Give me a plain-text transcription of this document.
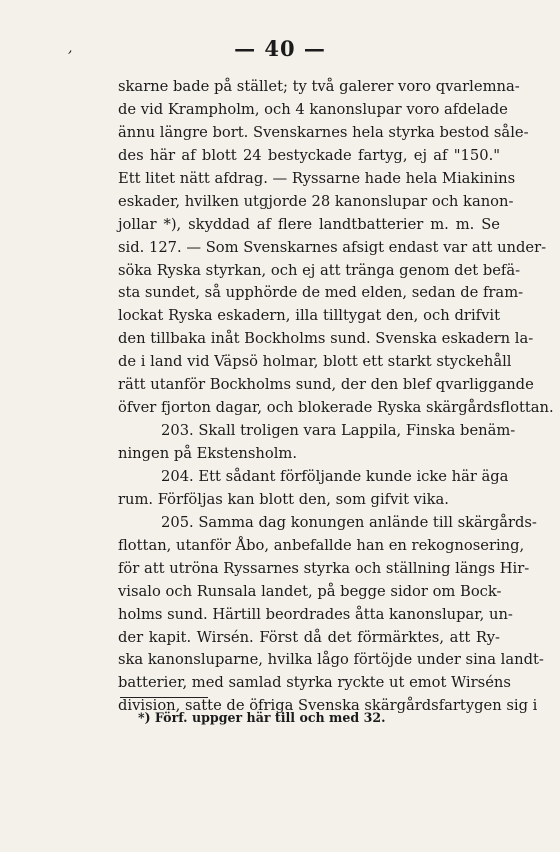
,	— 40 —
skarne bade på stället; ty två galerer voro qvarlemna-
de vid Krampholm, och 4 kanonslupar voro afdelade
ännu längre bort. Svenskarnes hela styrka bestod såle-
des här af blott 24 bestyckade fartyg, ej af "150."
Ett litet nätt afdrag. — Ryssarne hade hela Miakinins
eskader, hvilken utgjorde 28 kanonslupar och kanon-
jollar *), skyddad af flere landtbatterier m. m. Se
sid. 127. — Som Svenskarnes afsigt endast var att under-
söka Ryska styrkan, och ej att tränga genom det befä-
sta sundet, så upphörde de med elden, sedan de fram-
lockat Ryska eskadern, illa tilltygat den, och drifvit
den tillbaka inåt Bockholms sund. Svenska eskadern la-
de i land vid Väpsö holmar, blott ett starkt styckehåll
rätt utanför Bockholms sund, der den blef qvarliggande
öfver fjorton dagar, och blokerade Ryska skärgårdsflottan.
203. Skall troligen vara Lappila, Finska benäm-
ningen på Ekstensholm.
204. Ett sådant förföljande kunde icke här äga
rum. Förföljas kan blott den, som gifvit vika.
205. Samma dag konungen anlände till skärgårds-
flottan, utanför Åbo, anbefallde han en rekognosering,
för att utröna Ryssarnes styrka och ställning längs Hir-
visalo och Runsala landet, på begge sidor om Bock-
holms sund. Härtill beordrades åtta kanonslupar, un-
der kapit. Wirsén. Först då det förmärktes, att Ry-
ska kanonsluparne, hvilka lågo förtöjde under sina landt-
batterier, med samlad styrka ryckte ut emot Wirséns
division, satte de öfriga Svenska skärgårdsfartygen sig i
*) Förf. uppger här till och med 32.
